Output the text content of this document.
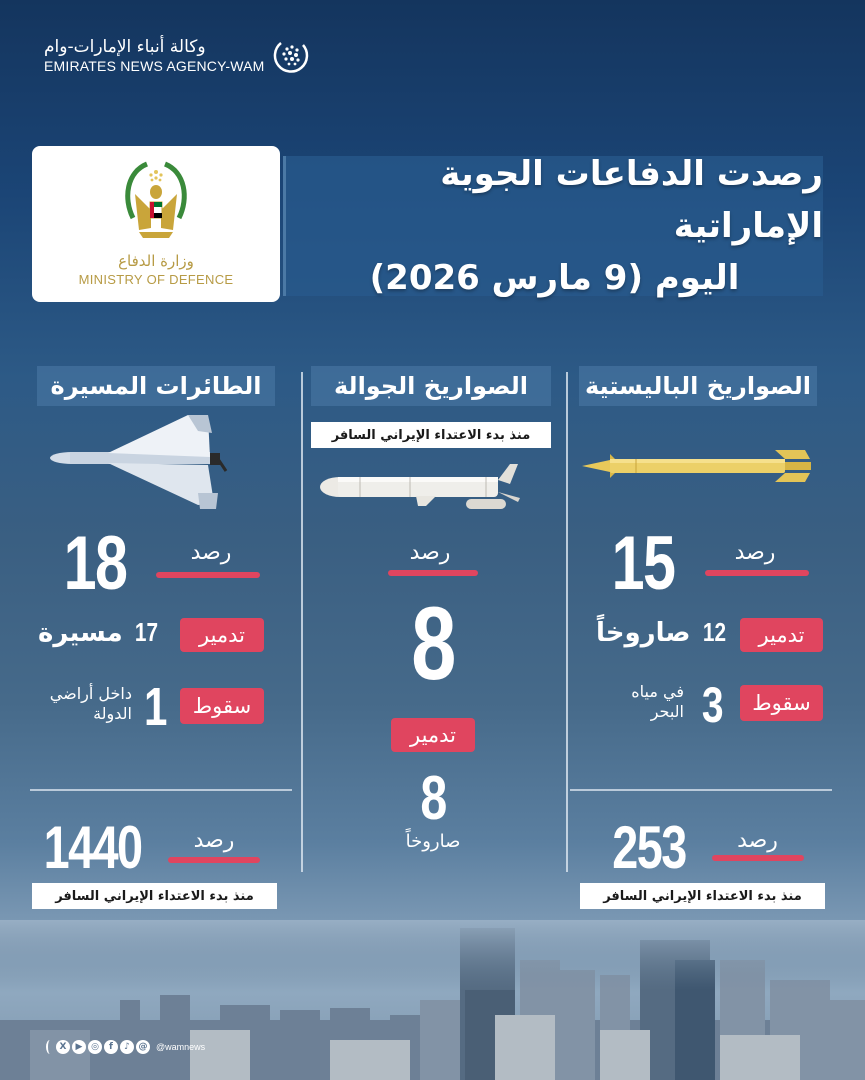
وكالة أنباء الإمارات-وام
EMIRATES NEWS AGENCY-WAM
وزارة الدفاع
MINISTRY OF DEFENCE
رصدت الدفاعات الجوية الإماراتية
اليوم (9 مارس 2026)
الصواريخ الباليستية
15	رصد
تدمير
12 صاروخاً
سقوط
3
في مياه
البحر
253	رصد
منذ بدء الاعتداء الإيراني السافر
الصواريخ الجوالة
منذ بدء الاعتداء الإيراني السافر
رصد
8
تدمير
8
صاروخاً
الطائرات المسيرة
18	رصد
تدمير
17 مسيرة
سقوط
1
داخل أراضي
الدولة
1440	رصد
منذ بدء الاعتداء الإيراني السافر
X	▶ ◎	f	♪ @ @wamnews
